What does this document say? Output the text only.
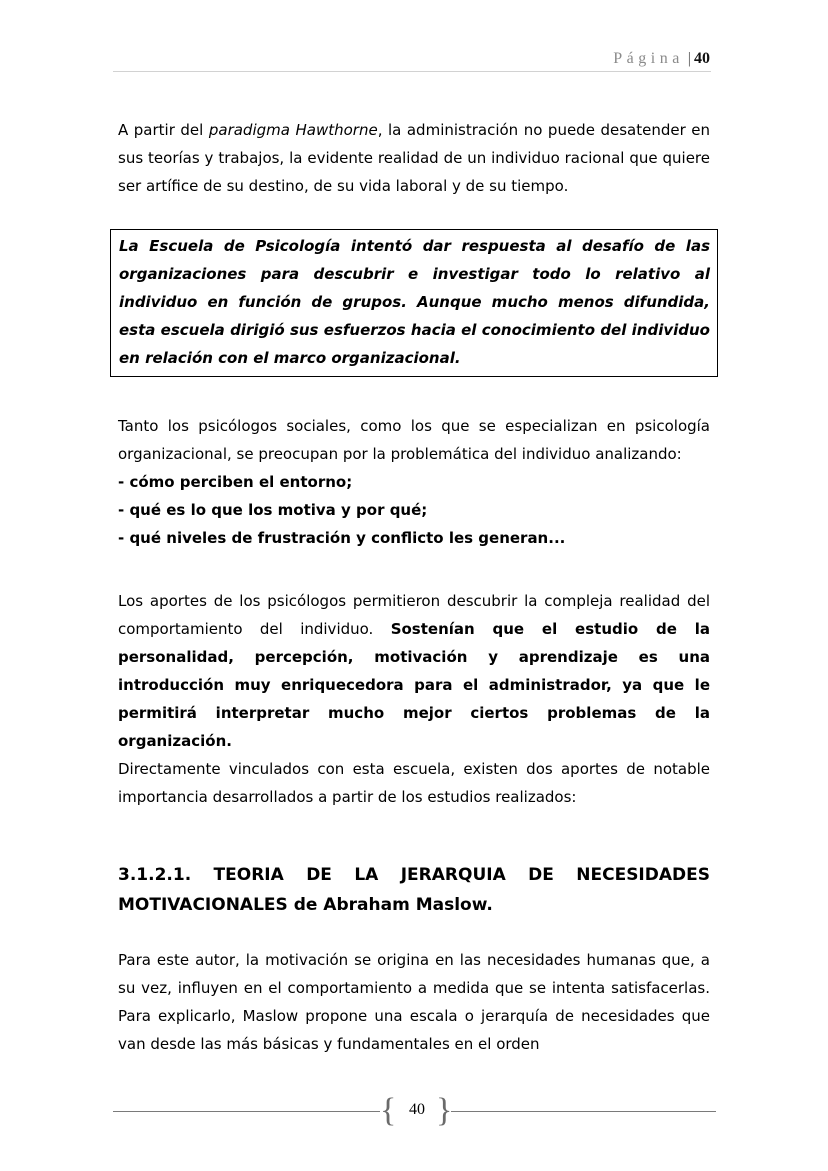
Página | 40

A partir del paradigma Hawthorne, la administración no puede desatender en sus teorías y trabajos, la evidente realidad de un individuo racional que quiere ser artífice de su destino, de su vida laboral y de su tiempo.

La Escuela de Psicología intentó dar respuesta al desafío de las organizaciones para descubrir e investigar todo lo relativo al individuo en función de grupos. Aunque mucho menos difundida, esta escuela dirigió sus esfuerzos hacia el conocimiento del individuo en relación con el marco organizacional.

Tanto los psicólogos sociales, como los que se especializan en psicología organizacional, se preocupan por la problemática del individuo analizando:

- cómo perciben el entorno;
- qué es lo que los motiva y por qué;
- qué niveles de frustración y conflicto les generan...

Los aportes de los psicólogos permitieron descubrir la compleja realidad del comportamiento del individuo. Sostenían que el estudio de la personalidad, percepción, motivación y aprendizaje es una introducción muy enriquecedora para el administrador, ya que le permitirá interpretar mucho mejor ciertos problemas de la organización.

Directamente vinculados con esta escuela, existen dos aportes de notable importancia desarrollados a partir de los estudios realizados:

3.1.2.1. TEORIA DE LA JERARQUIA DE NECESIDADES MOTIVACIONALES de Abraham Maslow.

Para este autor, la motivación se origina en las necesidades humanas que, a su vez, influyen en el comportamiento a medida que se intenta satisfacerlas. Para explicarlo, Maslow propone una escala o jerarquía de necesidades que van desde las más básicas y fundamentales en el orden

{ }
40
